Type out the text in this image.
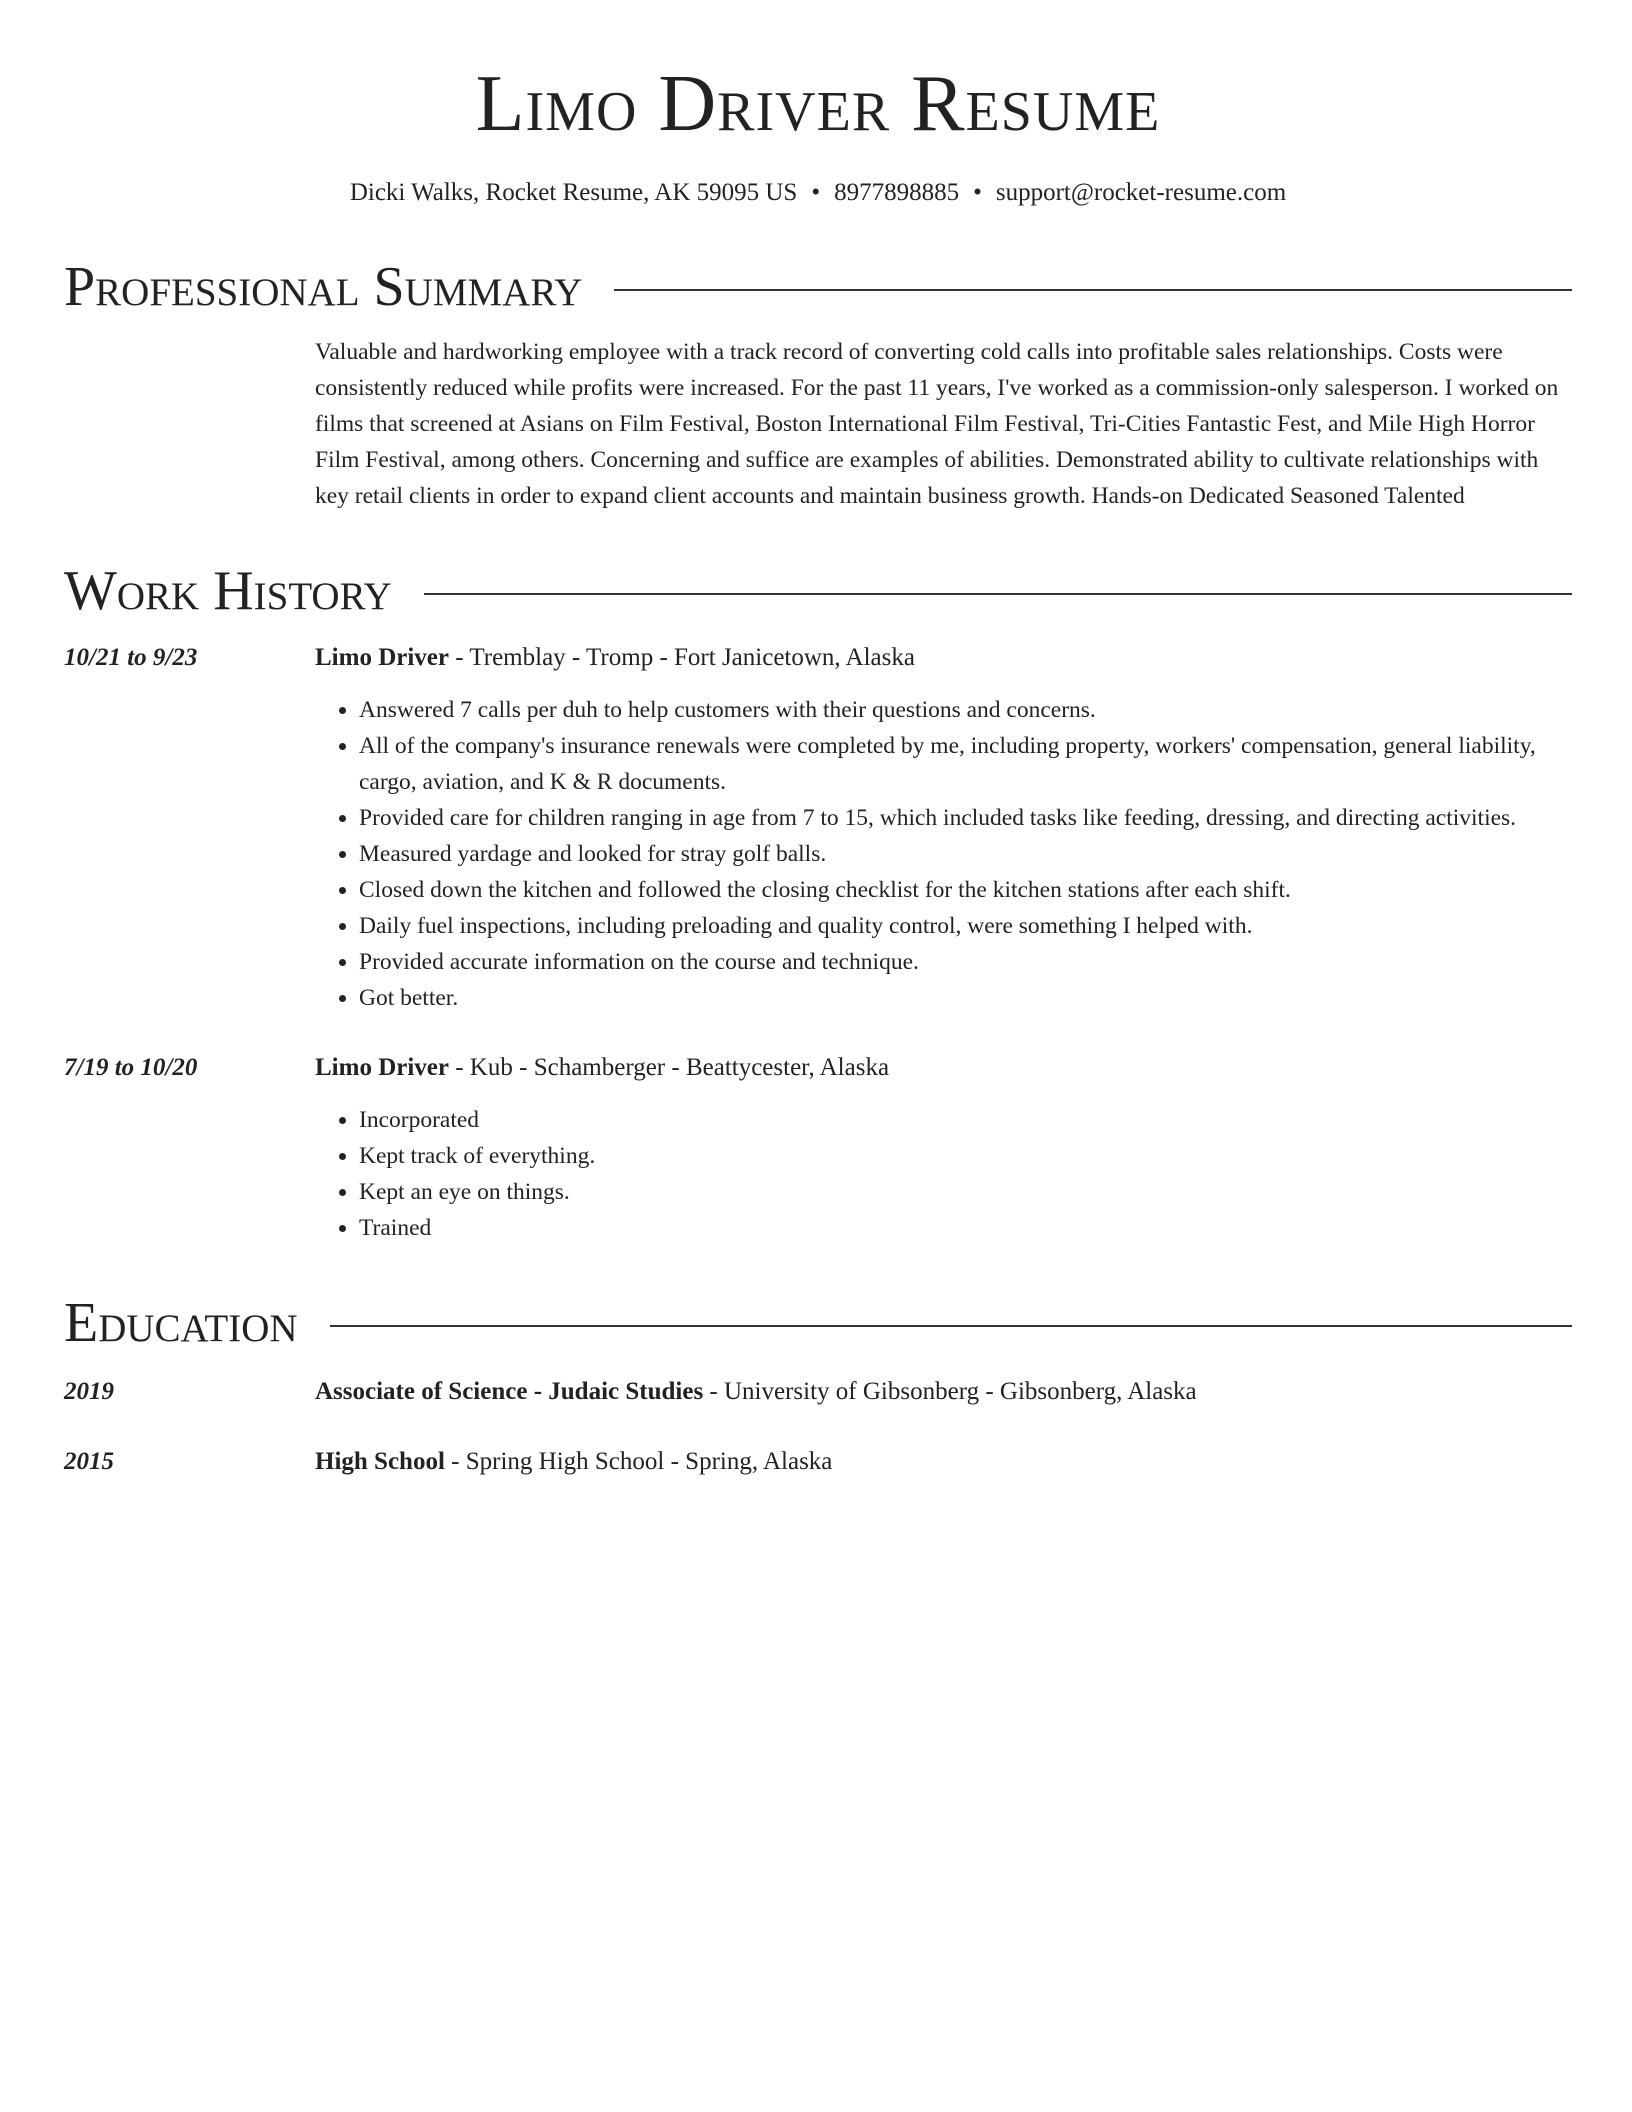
Limo Driver Resume
Dicki Walks, Rocket Resume, AK 59095 US • 8977898885 • support@rocket-resume.com
Professional Summary
Valuable and hardworking employee with a track record of converting cold calls into profitable sales relationships. Costs were consistently reduced while profits were increased. For the past 11 years, I've worked as a commission-only salesperson. I worked on films that screened at Asians on Film Festival, Boston International Film Festival, Tri-Cities Fantastic Fest, and Mile High Horror Film Festival, among others. Concerning and suffice are examples of abilities. Demonstrated ability to cultivate relationships with key retail clients in order to expand client accounts and maintain business growth. Hands-on Dedicated Seasoned Talented
Work History
10/21 to 9/23	Limo Driver - Tremblay - Tromp - Fort Janicetown, Alaska
• Answered 7 calls per duh to help customers with their questions and concerns.
• All of the company's insurance renewals were completed by me, including property, workers' compensation, general liability, cargo, aviation, and K & R documents.
• Provided care for children ranging in age from 7 to 15, which included tasks like feeding, dressing, and directing activities.
• Measured yardage and looked for stray golf balls.
• Closed down the kitchen and followed the closing checklist for the kitchen stations after each shift.
• Daily fuel inspections, including preloading and quality control, were something I helped with.
• Provided accurate information on the course and technique.
• Got better.
7/19 to 10/20	Limo Driver - Kub - Schamberger - Beattycester, Alaska
• Incorporated
• Kept track of everything.
• Kept an eye on things.
• Trained
Education
2019	Associate of Science - Judaic Studies - University of Gibsonberg - Gibsonberg, Alaska
2015	High School - Spring High School - Spring, Alaska
